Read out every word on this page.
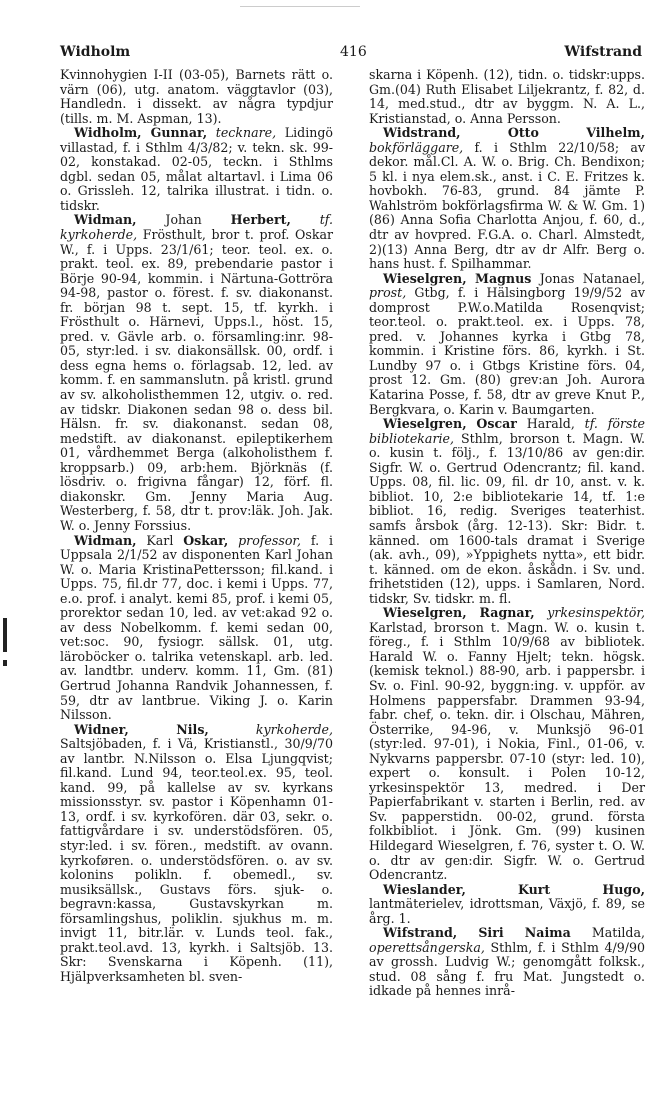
Widholm	416	Wifstrand

Kvinnohygien I-II (03-05), Barnets rätt o. värn (06), utg. anatom. väggtavlor (03), Handledn. i dissekt. av några typdjur (tills. m. M. Aspman, 13).

Widholm, Gunnar, tecknare, Lidingö villastad, f. i Sthlm 4/3/82; v. tekn. sk. 99-02, konstakad. 02-05, teckn. i Sthlms dgbl. sedan 05, målat altartavl. i Lima 06 o. Grissleh. 12, talrika illustrat. i tidn. o. tidskr.

Widman, Johan Herbert, tf. kyrkoherde, Frösthult, bror t. prof. Oskar W., f. i Upps. 23/1/61; teor. teol. ex. o. prakt. teol. ex. 89, prebendarie pastor i Börje 90-94, kommin. i Närtuna-Gottröra 94-98, pastor o. förest. f. sv. diakonanst. fr. början 98 t. sept. 15, tf. kyrkh. i Frösthult o. Härnevi, Upps.l., höst. 15, pred. v. Gävle arb. o. församling:inr. 98-05, styr:led. i sv. diakonsällsk. 00, ordf. i dess egna hems o. förlagsab. 12, led. av komm. f. en sammanslutn. på kristl. grund av sv. alkoholisthemmen 12, utgiv. o. red. av tidskr. Diakonen sedan 98 o. dess bil. Hälsn. fr. sv. diakonanst. sedan 08, medstift. av diakonanst. epileptikerhem 01, vårdhemmet Berga (alkoholisthem f. kroppsarb.) 09, arb:hem. Björknäs (f. lösdriv. o. frigivna fångar) 12, förf. fl. diakonskr. Gm. Jenny Maria Aug. Westerberg, f. 58, dtr t. prov:läk. Joh. Jak. W. o. Jenny Forssius.

Widman, Karl Oskar, professor, f. i Uppsala 2/1/52 av disponenten Karl Johan W. o. Maria KristinaPettersson; fil.kand. i Upps. 75, fil.dr 77, doc. i kemi i Upps. 77, e.o. prof. i analyt. kemi 85, prof. i kemi 05, prorektor sedan 10, led. av vet:akad 92 o. av dess Nobelkomm. f. kemi sedan 00, vet:soc. 90, fysiogr. sällsk. 01, utg. läroböcker o. talrika vetenskapl. arb. led. av. landtbr. underv. komm. 11, Gm. (81) Gertrud Johanna Randvik Johannessen, f. 59, dtr av lantbrue. Viking J. o. Karin Nilsson.

Widner, Nils,	kyrkoherde, Saltsjöbaden, f. i Vä, Kristianstl., 30/9/70 av lantbr. N.Nilsson o. Elsa Ljungqvist; fil.kand. Lund 94, teor.teol.ex. 95, teol. kand. 99, på kallelse av sv. kyrkans missionsstyr. sv. pastor i Köpenhamn 01-13, ordf. i sv. kyrkofören. där 03, sekr. o. fattigvårdare i sv. understödsfören. 05, styr:led. i sv. fören., medstift. av ovann. kyrkoføren. o. understödsfören. o. av sv. kolonins polikln. f. obemedl., sv. musiksällsk., Gustavs förs. sjuk- o. begravn:kassa, Gustavskyrkan m. församlingshus, poliklin. sjukhus m. m. invigt 11, bitr.lär. v. Lunds teol. fak., prakt.teol.avd. 13, kyrkh. i Saltsjöb. 13. Skr: Svenskarna i Köpenh. (11), Hjälpverksamheten bl. sven-

skarna i Köpenh. (12), tidn. o. tidskr:upps. Gm.(04) Ruth Elisabet Liljekrantz, f. 82, d. 14, med.stud., dtr av byggm. N. A. L., Kristianstad, o. Anna Persson.

Widstrand,	Otto	Vilhelm, bokförläggare, f. i Sthlm 22/10/58; av dekor. mål.Cl. A. W. o. Brig. Ch. Bendixon; 5 kl. i nya elem.sk., anst. i C. E. Fritzes k. hovbokh. 76-83, grund. 84 jämte P. Wahlström bokförlagsfirma W. & W. Gm. 1) (86) Anna Sofia Charlotta Anjou, f. 60, d., dtr av hovpred. F.G.A. o. Charl. Almstedt, 2)(13) Anna Berg, dtr av dr Alfr. Berg o. hans hust. f. Spilhammar.

Wieselgren, Magnus Jonas Natanael, prost, Gtbg, f. i Hälsingborg 19/9/52 av domprost P.W.o.Matilda Rosenqvist; teor.teol. o. prakt.teol. ex. i Upps. 78, pred. v. Johannes kyrka i Gtbg 78, kommin. i Kristine förs. 86, kyrkh. i St. Lundby 97 o. i Gtbgs Kristine förs. 04, prost 12. Gm. (80) grev:an Joh. Aurora Katarina Posse, f. 58, dtr av greve Knut P., Bergkvara, o. Karin v. Baumgarten.

Wieselgren, Oscar Harald, tf. förste bibliotekarie, Sthlm, brorson t. Magn. W. o. kusin t. följ., f. 13/10/86 av gen:dir. Sigfr. W. o. Gertrud Odencrantz; fil. kand. Upps. 08, fil. lic. 09, fil. dr 10, anst. v. k. bibliot. 10, 2:e bibliotekarie 14, tf. 1:e bibliot. 16, redig. Sveriges teaterhist. samfs årsbok (årg. 12-13). Skr: Bidr. t. känned. om 1600-tals dramat i Sverige (ak. avh., 09), »Yppighets nytta», ett bidr. t. känned. om de ekon. åskådn. i Sv. und. frihetstiden (12), upps. i Samlaren, Nord. tidskr, Sv. tidskr. m. fl.

Wieselgren, Ragnar, yrkesinspektör, Karlstad, brorson t. Magn. W. o. kusin t. föreg., f. i Sthlm 10/9/68 av bibliotek. Harald W. o. Fanny Hjelt; tekn. högsk. (kemisk teknol.) 88-90, arb. i pappersbr. i Sv. o. Finl. 90-92, byggn:ing. v. uppför. av Holmens pappersfabr. Drammen 93-94, fabr. chef, o. tekn. dir. i Olschau, Mähren, Österrike, 94-96, v. Munksjö 96-01 (styr:led. 97-01), i Nokia, Finl., 01-06, v. Nykvarns pappersbr. 07-10 (styr: led. 10), expert o. konsult. i Polen 10-12, yrkesinspektör 13, medred. i Der Papierfabrikant v. starten i Berlin, red. av Sv. papperstidn. 00-02, grund. första folkbibliot. i Jönk. Gm. (99) kusinen Hildegard Wieselgren, f. 76, syster t. O. W. o. dtr av gen:dir. Sigfr. W. o. Gertrud Odencrantz.

Wieslander, Kurt Hugo, lantmäterielev, idrottsman, Växjö, f. 89, se årg. 1.

Wifstrand, Siri Naima Matilda, operettsångerska, Sthlm, f. i Sthlm 4/9/90 av grossh. Ludvig W.; genomgått folksk., stud. 08 sång f. fru Mat. Jungstedt o. idkade på hennes inrå-
